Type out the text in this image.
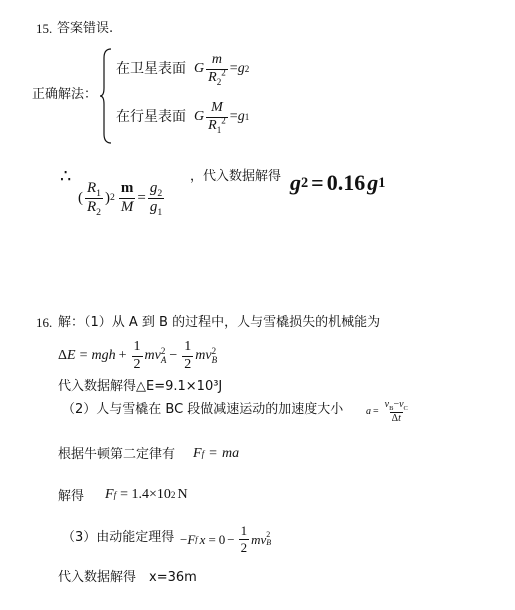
15. 答案错误.
正确解法：
在卫星表面 G $\frac{m}{R_2^2} = g$ 2
在行星表面 G $\frac{M}{R_1^2} = g$ 1
∴
( $\frac{R_1}{R_2}$ ) $2 \frac{m}{M} = \frac{g_2}{g_1}$
，代入数据解得 g 2 = 0.16 g 1
16. 解：（1）从 A 到 B 的过程中，人与雪橇损失的机械能为
Δ E = mgh + $\frac{1}{2}$ mv 2
$A - \frac{1}{2}$ mv 2
B
代入数据解得△E=9.1×10³J
（2）人与雪橇在 BC 段做减速运动的加速度大小 $a = \frac{v_B-v_C}{\Delta t}$
根据牛顿第二定律有 F f = ma
解得 F f = 1.4×10 2 N
（3）由动能定理得 − F f $x = 0 - \frac{1}{2}$ mv 2
B
代入数据解得　x=36m
